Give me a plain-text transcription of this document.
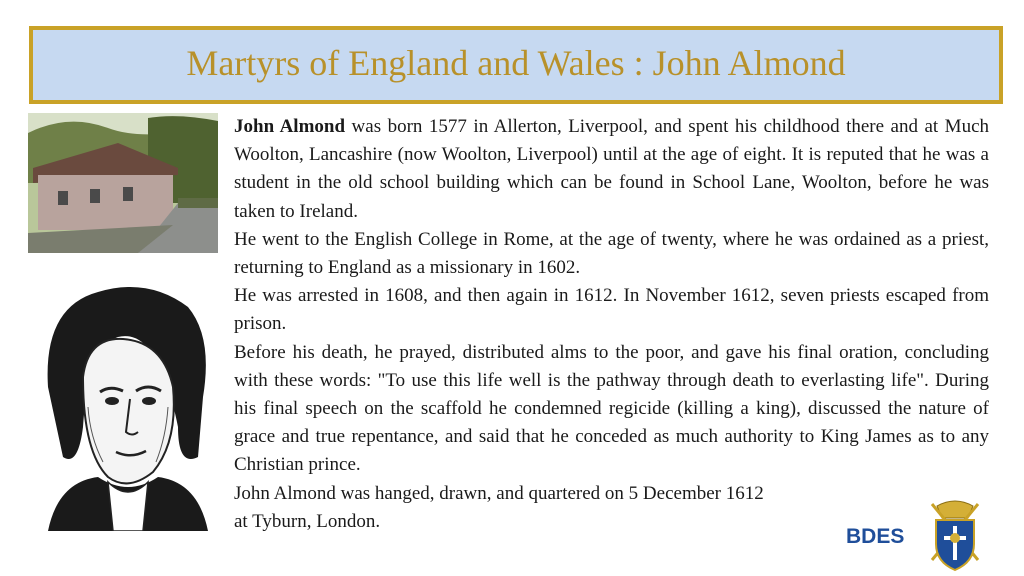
Martyrs of England and Wales : John Almond

John Almond was born 1577 in Allerton, Liverpool, and spent his childhood there and at Much Woolton, Lancashire (now Woolton, Liverpool) until at the age of eight. It is reputed that he was a student in the old school building which can be found in School Lane, Woolton, before he was taken to Ireland.

He went to the English College in Rome, at the age of twenty, where he was ordained as a priest, returning to England as a missionary in 1602.

He was arrested in 1608, and then again in 1612. In November 1612, seven priests escaped from prison.

Before his death, he prayed, distributed alms to the poor, and gave his final oration, concluding with these words: "To use this life well is the pathway through death to everlasting life". During his final speech on the scaffold he condemned regicide (killing a king), discussed the nature of grace and true repentance, and said that he conceded as much authority to King James as to any Christian prince.

John Almond was hanged, drawn, and quartered on 5 December 1612

at Tyburn, London.

BDES
